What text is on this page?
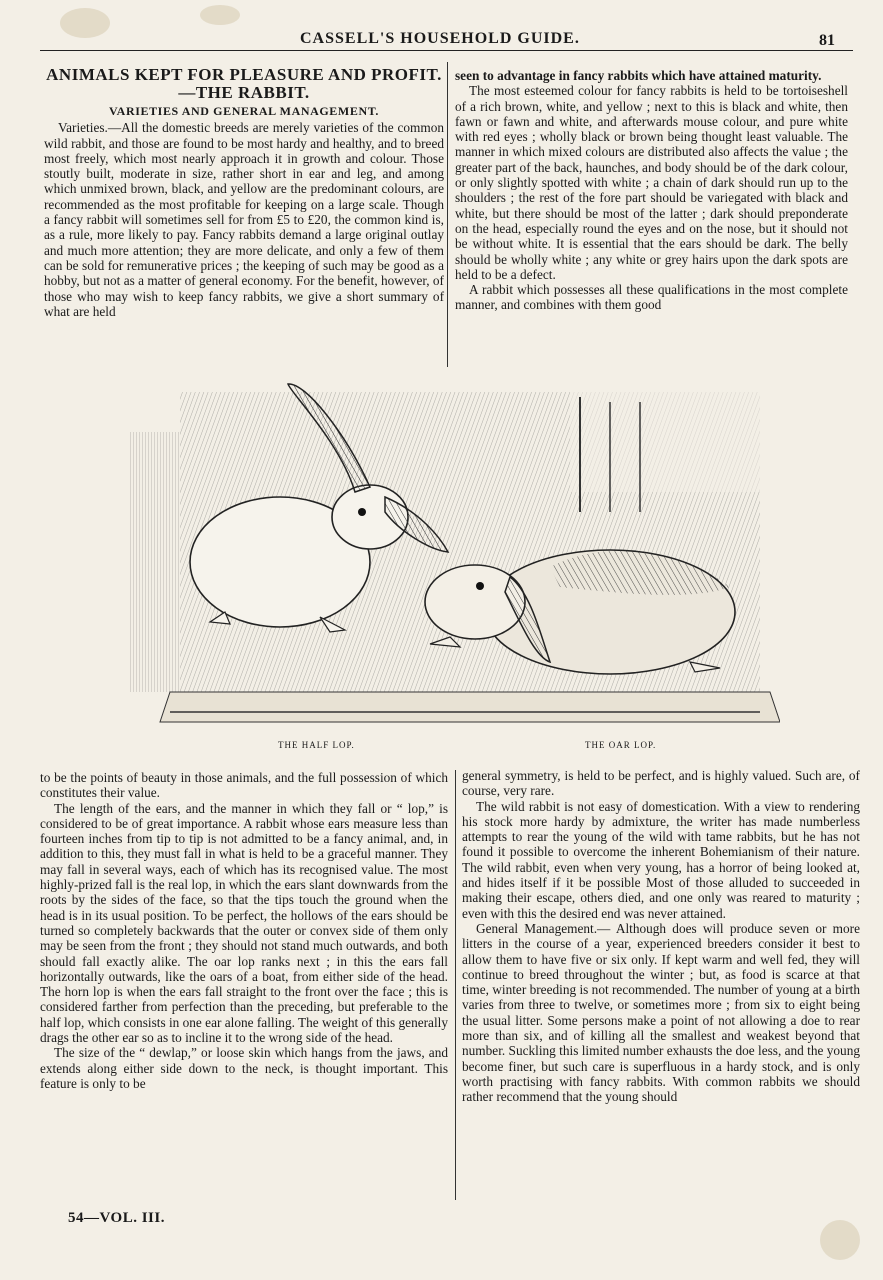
CASSELL'S HOUSEHOLD GUIDE.	81
ANIMALS KEPT FOR PLEASURE AND PROFIT.—THE RABBIT.
VARIETIES AND GENERAL MANAGEMENT.

Varieties.—All the domestic breeds are merely varieties of the common wild rabbit, and those are found to be most hardy and healthy, and to breed most freely, which most nearly approach it in growth and colour. Those stoutly built, moderate in size, rather short in ear and leg, and among which unmixed brown, black, and yellow are the predominant colours, are recommended as the most profitable for keeping on a large scale. Though a fancy rabbit will sometimes sell for from £5 to £20, the common kind is, as a rule, more likely to pay. Fancy rabbits demand a large original outlay and much more attention; they are more delicate, and only a few of them can be sold for remunerative prices ; the keeping of such may be good as a hobby, but not as a matter of general economy. For the benefit, however, of those who may wish to keep fancy rabbits, we give a short summary of what are held

seen to advantage in fancy rabbits which have attained maturity.

The most esteemed colour for fancy rabbits is held to be tortoiseshell of a rich brown, white, and yellow ; next to this is black and white, then fawn or fawn and white, and afterwards mouse colour, and pure white with red eyes ; wholly black or brown being thought least valuable. The manner in which mixed colours are distributed also affects the value ; the greater part of the back, haunches, and body should be of the dark colour, or only slightly spotted with white ; a chain of dark should run up to the shoulders ; the rest of the fore part should be variegated with black and white, but there should be most of the latter ; dark should preponderate on the head, especially round the eyes and on the nose, but it should not be without white. It is essential that the ears should be dark. The belly should be wholly white ; any white or grey hairs upon the dark spots are held to be a defect.

A rabbit which possesses all these qualifications in the most complete manner, and combines with them good

THE HALF LOP.	THE OAR LOP.

to be the points of beauty in those animals, and the full possession of which constitutes their value.

The length of the ears, and the manner in which they fall or “ lop,” is considered to be of great importance. A rabbit whose ears measure less than fourteen inches from tip to tip is not admitted to be a fancy animal, and, in addition to this, they must fall in what is held to be a graceful manner. They may fall in several ways, each of which has its recognised value. The most highly-prized fall is the real lop, in which the ears slant downwards from the roots by the sides of the face, so that the tips touch the ground when the head is in its usual position. To be perfect, the hollows of the ears should be turned so completely backwards that the outer or convex side of them only may be seen from the front ; they should not stand much outwards, and both should fall exactly alike. The oar lop ranks next ; in this the ears fall horizontally outwards, like the oars of a boat, from either side of the head. The horn lop is when the ears fall straight to the front over the face ; this is considered farther from perfection than the preceding, but preferable to the half lop, which consists in one ear alone falling. The weight of this generally drags the other ear so as to incline it to the wrong side of the head.

The size of the “ dewlap,” or loose skin which hangs from the jaws, and extends along either side down to the neck, is thought important. This feature is only to be

general symmetry, is held to be perfect, and is highly valued. Such are, of course, very rare.

The wild rabbit is not easy of domestication. With a view to rendering his stock more hardy by admixture, the writer has made numberless attempts to rear the young of the wild with tame rabbits, but he has not found it possible to overcome the inherent Bohemianism of their nature. The wild rabbit, even when very young, has a horror of being looked at, and hides itself if it be possible Most of those alluded to succeeded in making their escape, others died, and one only was reared to maturity ; even with this the desired end was never attained.

General Management.— Although does will produce seven or more litters in the course of a year, experienced breeders consider it best to allow them to have five or six only. If kept warm and well fed, they will continue to breed throughout the winter ; but, as food is scarce at that time, winter breeding is not recommended. The number of young at a birth varies from three to twelve, or sometimes more ; from six to eight being the usual litter. Some persons make a point of not allowing a doe to rear more than six, and of killing all the smallest and weakest beyond that number. Suckling this limited number exhausts the doe less, and the young become finer, but such care is superfluous in a hardy stock, and is only worth practising with fancy rabbits. With common rabbits we should rather recommend that the young should

54—VOL. III.
